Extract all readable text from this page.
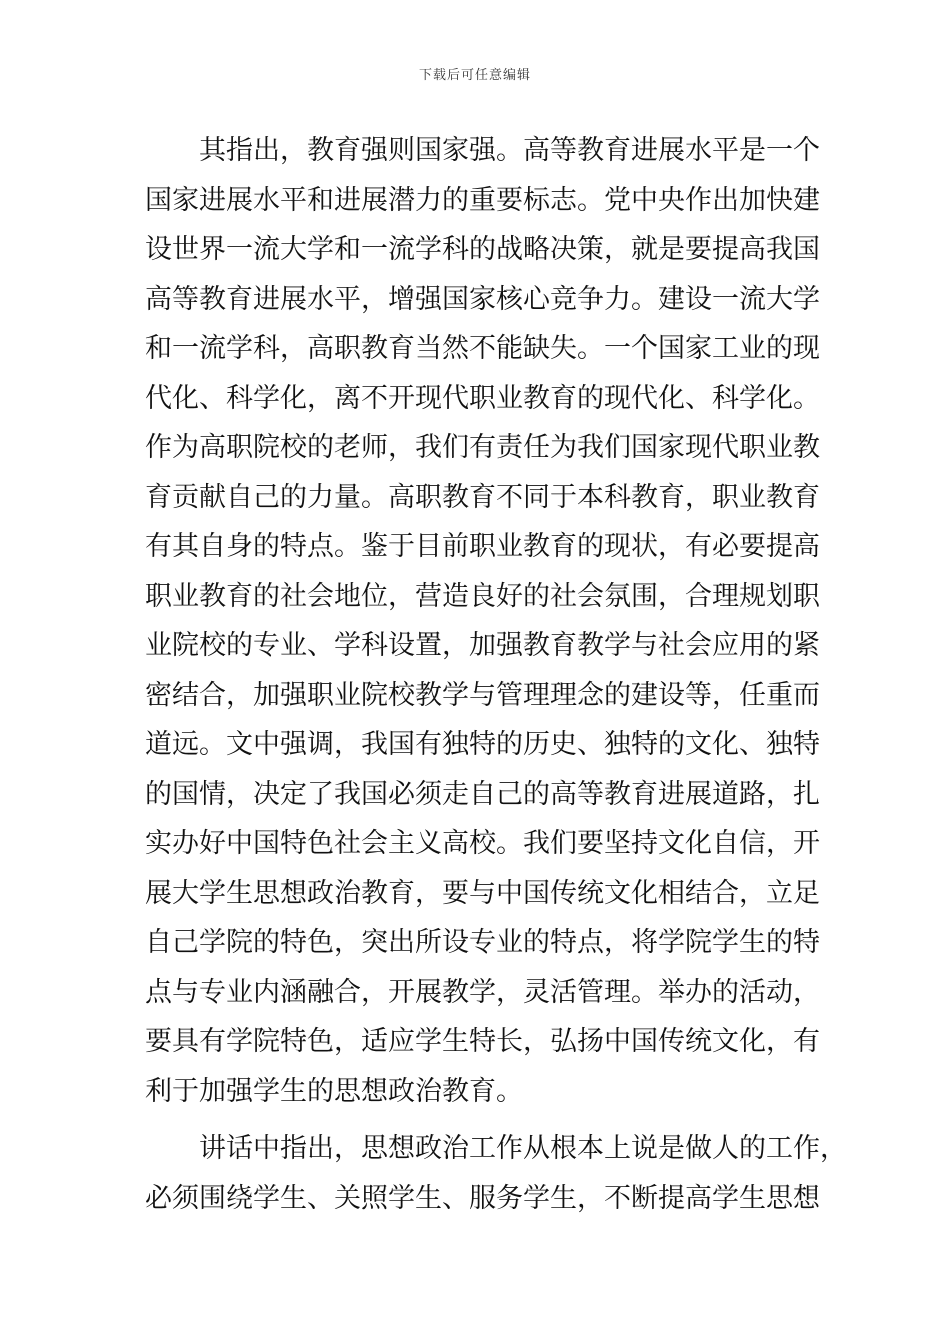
下载后可任意编辑
其指出，教育强则国家强。高等教育进展水平是一个
国家进展水平和进展潜力的重要标志。党中央作出加快建
设世界一流大学和一流学科的战略决策，就是要提高我国
高等教育进展水平，增强国家核心竞争力。建设一流大学
和一流学科，高职教育当然不能缺失。一个国家工业的现
代化、科学化，离不开现代职业教育的现代化、科学化。
作为高职院校的老师，我们有责任为我们国家现代职业教
育贡献自己的力量。高职教育不同于本科教育，职业教育
有其自身的特点。鉴于目前职业教育的现状，有必要提高
职业教育的社会地位，营造良好的社会氛围，合理规划职
业院校的专业、学科设置，加强教育教学与社会应用的紧
密结合，加强职业院校教学与管理理念的建设等，任重而
道远。文中强调，我国有独特的历史、独特的文化、独特
的国情，决定了我国必须走自己的高等教育进展道路，扎
实办好中国特色社会主义高校。我们要坚持文化自信，开
展大学生思想政治教育，要与中国传统文化相结合，立足
自己学院的特色，突出所设专业的特点，将学院学生的特
点与专业内涵融合，开展教学，灵活管理。举办的活动，
要具有学院特色，适应学生特长，弘扬中国传统文化，有
利于加强学生的思想政治教育。
讲话中指出，思想政治工作从根本上说是做人的工作，
必须围绕学生、关照学生、服务学生，不断提高学生思想
